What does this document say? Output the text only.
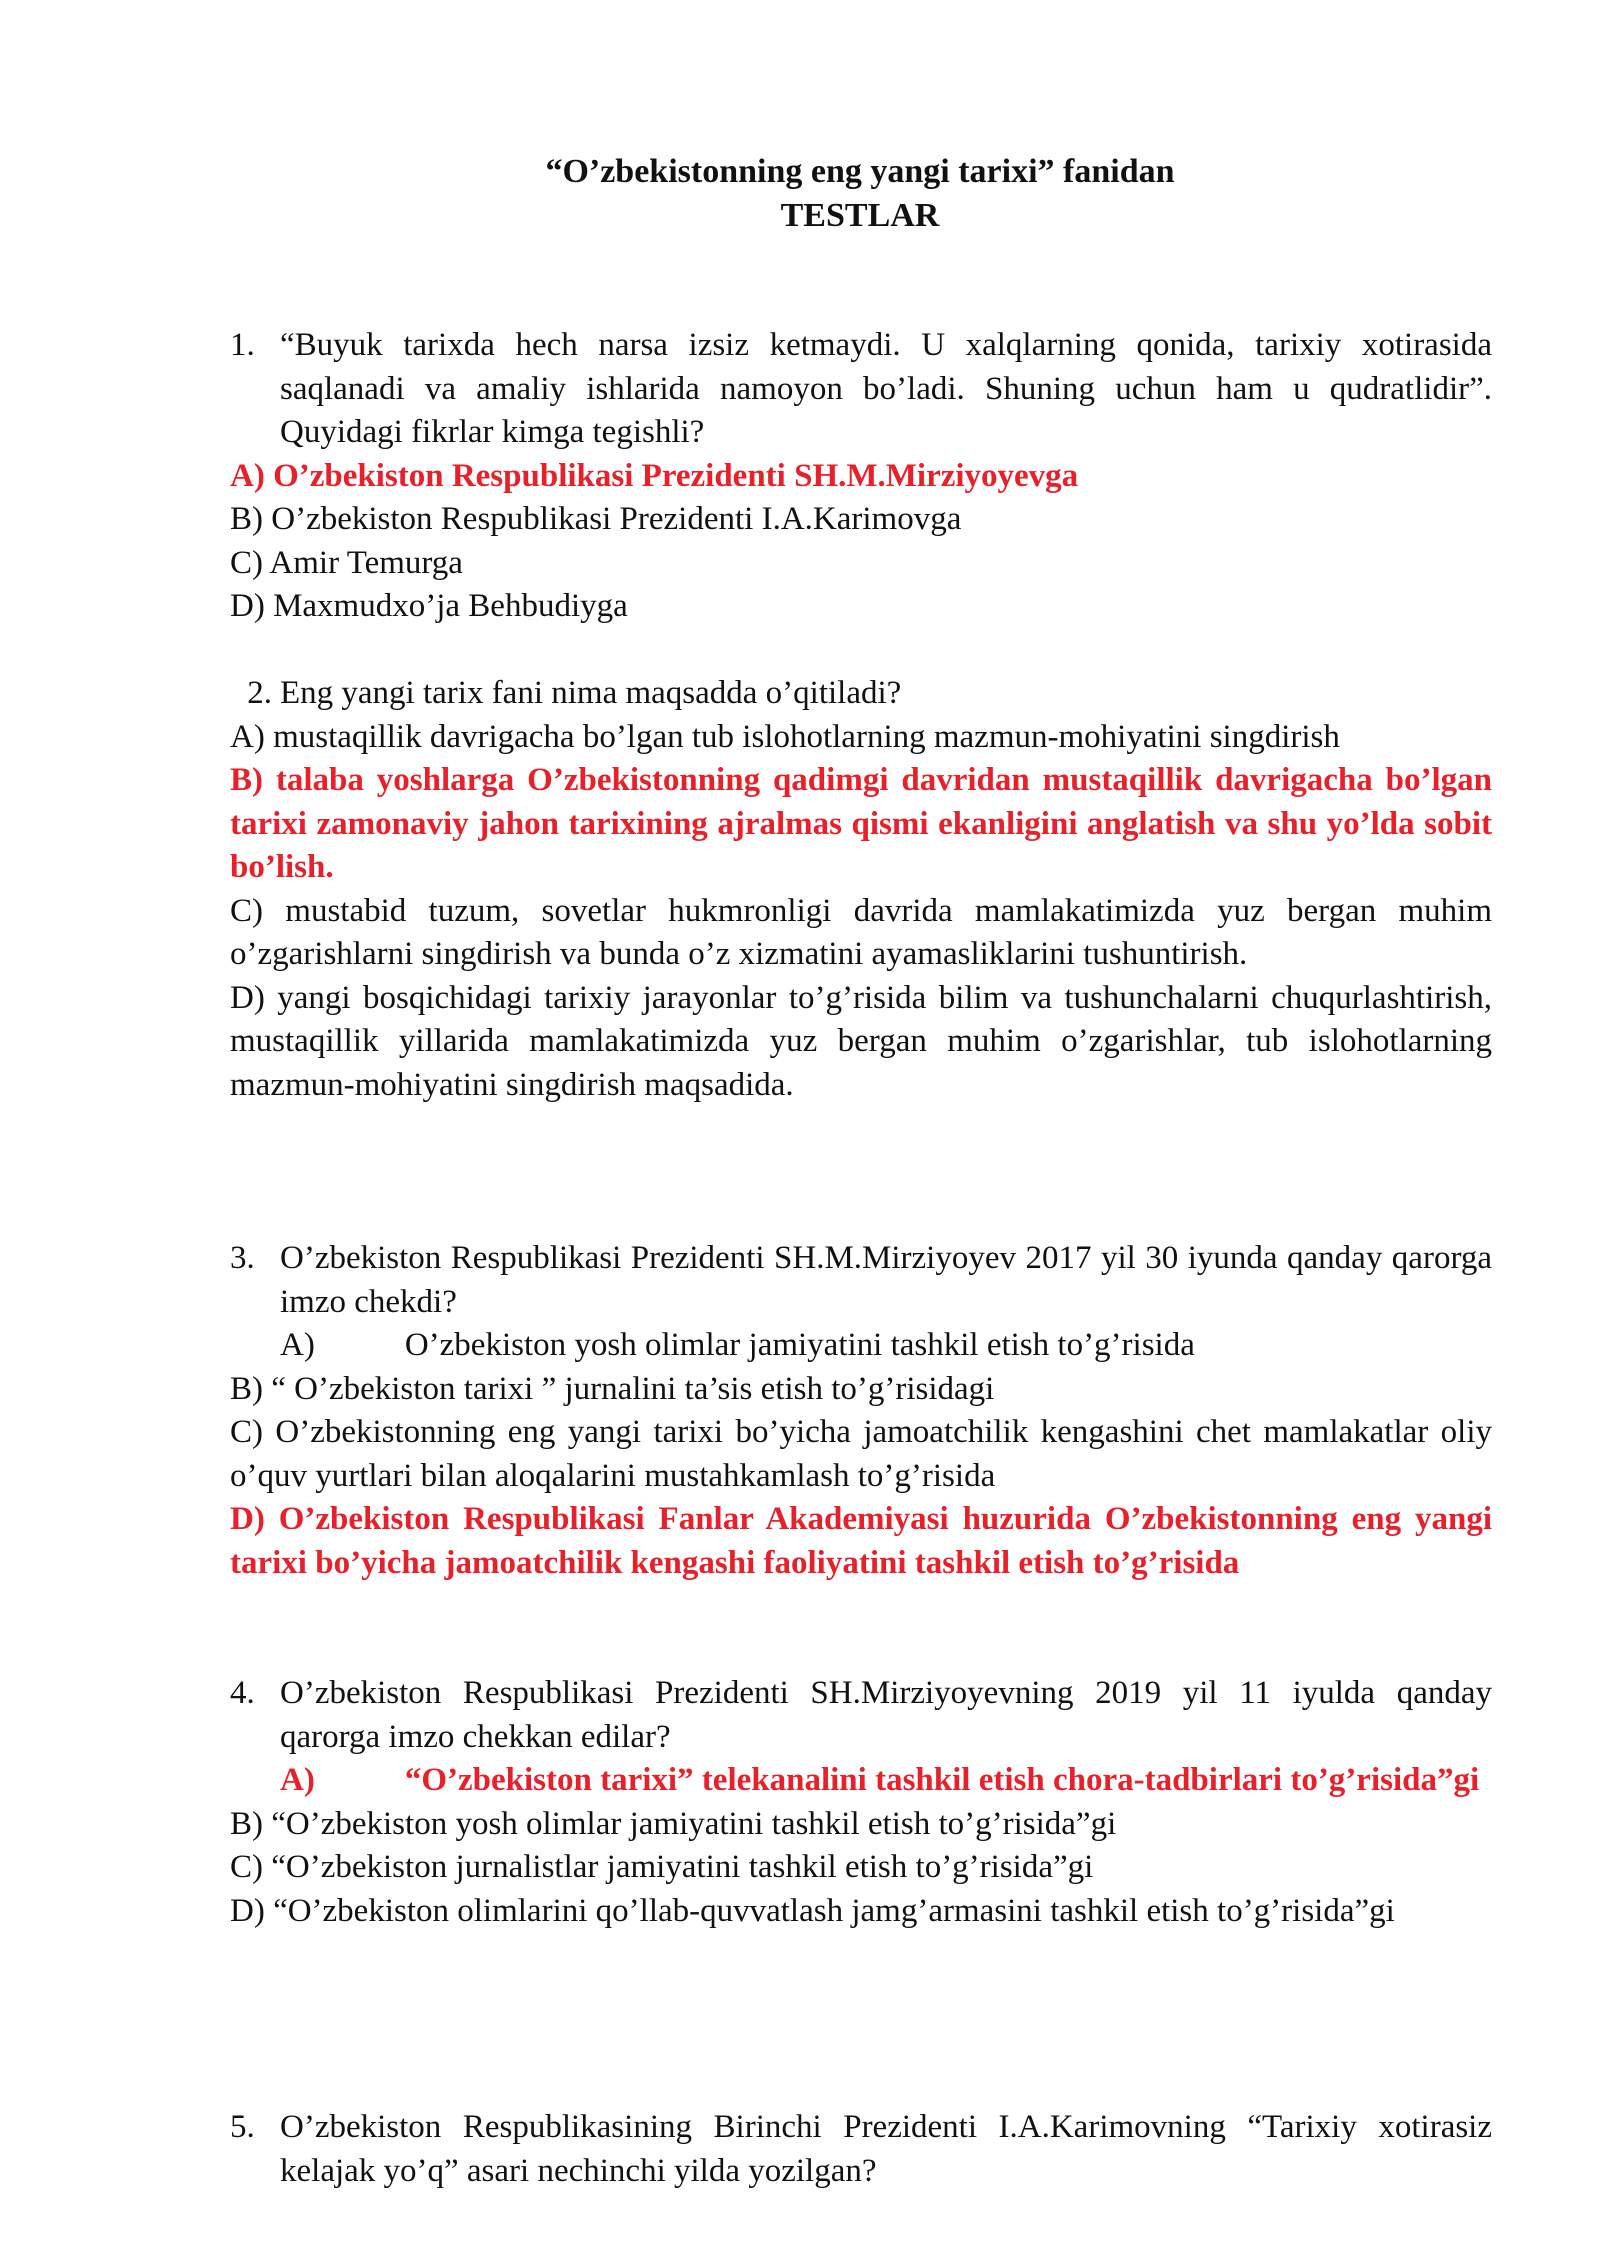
“O’zbekistonning eng yangi tarixi” fanidan
TESTLAR
1. “Buyuk tarixda hech narsa izsiz ketmaydi. U xalqlarning qonida, tarixiy xotirasida saqlanadi va amaliy ishlarida namoyon bo’ladi. Shuning uchun ham u qudratlidir”. Quyidagi fikrlar kimga tegishli?
A) O’zbekiston Respublikasi Prezidenti SH.M.Mirziyoyevga
B) O’zbekiston Respublikasi Prezidenti I.A.Karimovga
C) Amir Temurga
D) Maxmudxo’ja Behbudiyga
2. Eng yangi tarix fani nima maqsadda o’qitiladi?
A) mustaqillik davrigacha bo’lgan tub islohotlarning mazmun-mohiyatini singdirish
B) talaba yoshlarga O’zbekistonning qadimgi davridan mustaqillik davrigacha bo’lgan tarixi zamonaviy jahon tarixining ajralmas qismi ekanligini anglatish va shu yo’lda sobit bo’lish.
C) mustabid tuzum, sovetlar hukmronligi davrida mamlakatimizda yuz bergan muhim o’zgarishlarni singdirish va bunda o’z xizmatini ayamasliklarini tushuntirish.
D) yangi bosqichidagi tarixiy jarayonlar to’g’risida bilim va tushunchalarni chuqurlashtirish, mustaqillik yillarida mamlakatimizda yuz bergan muhim o’zgarishlar, tub islohotlarning mazmun-mohiyatini singdirish maqsadida.
3. O’zbekiston Respublikasi Prezidenti SH.M.Mirziyoyev 2017 yil 30 iyunda qanday qarorga imzo chekdi?
A)	O’zbekiston yosh olimlar jamiyatini tashkil etish to’g’risida
B) “ O’zbekiston tarixi ” jurnalini ta’sis etish to’g’risidagi
C) O’zbekistonning eng yangi tarixi bo’yicha jamoatchilik kengashini chet mamlakatlar oliy o’quv yurtlari bilan aloqalarini mustahkamlash to’g’risida
D) O’zbekiston Respublikasi Fanlar Akademiyasi huzurida O’zbekistonning eng yangi tarixi bo’yicha jamoatchilik kengashi faoliyatini tashkil etish to’g’risida
4. O’zbekiston Respublikasi Prezidenti SH.Mirziyoyevning 2019 yil 11 iyulda qanday qarorga imzo chekkan edilar?
A)	“O’zbekiston tarixi” telekanalini tashkil etish chora-tadbirlari to’g’risida”gi
B) “O’zbekiston yosh olimlar jamiyatini tashkil etish to’g’risida”gi
C) “O’zbekiston jurnalistlar jamiyatini tashkil etish to’g’risida”gi
D) “O’zbekiston olimlarini qo’llab-quvvatlash jamg’armasini tashkil etish to’g’risida”gi
5. O’zbekiston Respublikasining Birinchi Prezidenti I.A.Karimovning “Tarixiy xotirasiz kelajak yo’q” asari nechinchi yilda yozilgan?
